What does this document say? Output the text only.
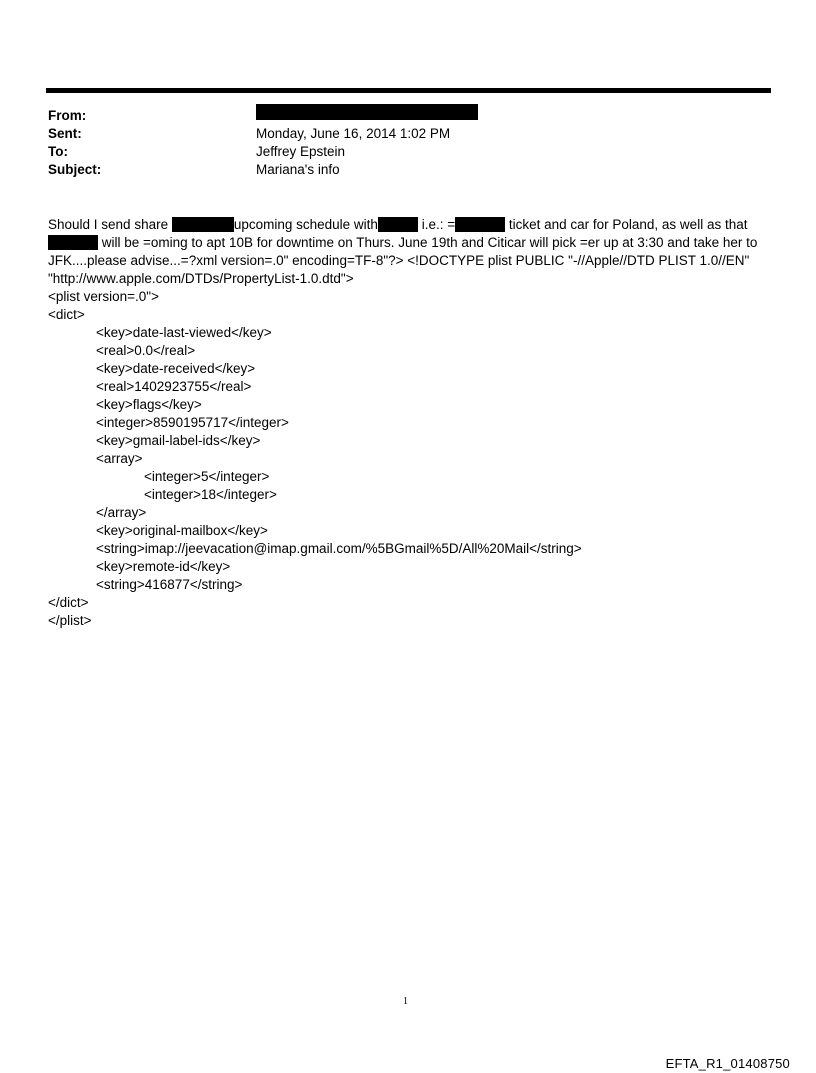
From:
Sent:	Monday, June 16, 2014 1:02 PM
To:	Jeffrey Epstein
Subject:	Mariana's info
Should I send share	upcoming schedule with	i.e.: =	ticket and car for Poland, as well as that
will be =oming to apt 10B for downtime on Thurs. June 19th and Citicar will pick =er up at 3:30 and take her to
JFK....please advise...=?xml version=.0" encoding=TF-8"?> <!DOCTYPE plist PUBLIC "-//Apple//DTD PLIST 1.0//EN"
"http://www.apple.com/DTDs/PropertyList-1.0.dtd">
<plist version=.0">
<dict>
<key>date-last-viewed</key>
<real>0.0</real>
<key>date-received</key>
<real>1402923755</real>
<key>flags</key>
<integer>8590195717</integer>
<key>gmail-label-ids</key>
<array>
<integer>5</integer>
<integer>18</integer>
</array>
<key>original-mailbox</key>
<string>imap://jeevacation@imap.gmail.com/%5BGmail%5D/All%20Mail</string>
<key>remote-id</key>
<string>416877</string>
</dict>
</plist>
1
EFTA_R1_01408750
